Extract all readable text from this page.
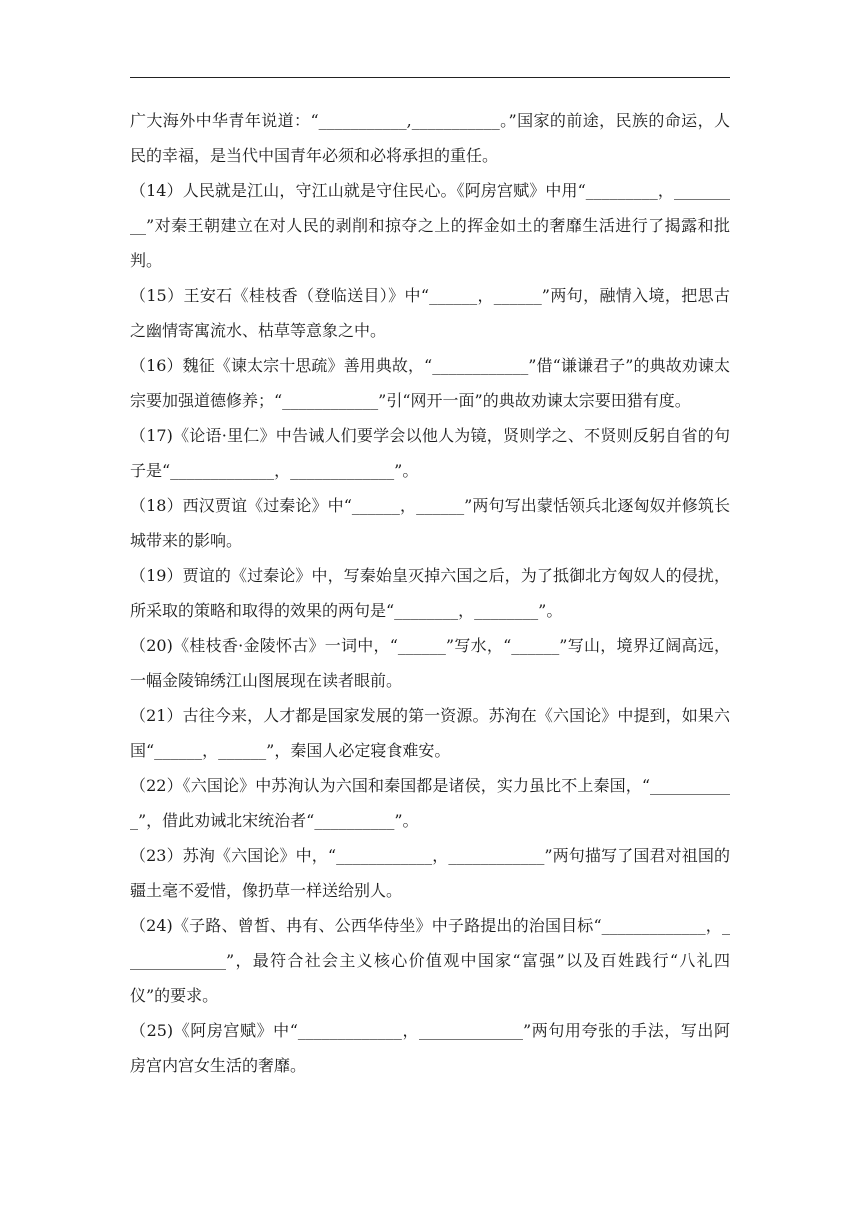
广大海外中华青年说道：“___________,___________。”国家的前途，民族的命运，人民的幸福，是当代中国青年必须和必将承担的重任。

（14）人民就是江山，守江山就是守住民心。《阿房宫赋》中用“_________，_________”对秦王朝建立在对人民的剥削和掠夺之上的挥金如土的奢靡生活进行了揭露和批判。

（15）王安石《桂枝香（登临送目）》中“______，______”两句，融情入境，把思古之幽情寄寓流水、枯草等意象之中。

（16）魏征《谏太宗十思疏》善用典故，“____________”借“谦谦君子”的典故劝谏太宗要加强道德修养；“____________”引“网开一面”的典故劝谏太宗要田猎有度。

（17)《论语·里仁》中告诫人们要学会以他人为镜，贤则学之、不贤则反躬自省的句子是“_____________，_____________”。

（18）西汉贾谊《过秦论》中“______，______”两句写出蒙恬领兵北逐匈奴并修筑长城带来的影响。

（19）贾谊的《过秦论》中，写秦始皇灭掉六国之后，为了抵御北方匈奴人的侵扰，所采取的策略和取得的效果的两句是“________，________”。

（20)《桂枝香·金陵怀古》一词中，“______”写水，“______”写山，境界辽阔高远，一幅金陵锦绣江山图展现在读者眼前。

（21）古往今来，人才都是国家发展的第一资源。苏洵在《六国论》中提到，如果六国“______，______”，秦国人必定寝食难安。

（22）《六国论》中苏洵认为六国和秦国都是诸侯，实力虽比不上秦国，“___________”，借此劝诫北宋统治者“__________”。

（23）苏洵《六国论》中，“____________，____________”两句描写了国君对祖国的疆土毫不爱惜，像扔草一样送给别人。

（24)《子路、曾皙、冉有、公西华侍坐》中子路提出的治国目标“_____________，_____________”，最符合社会主义核心价值观中国家“富强”以及百姓践行“八礼四仪”的要求。

（25)《阿房宫赋》中“_____________，_____________”两句用夸张的手法，写出阿房宫内宫女生活的奢靡。
